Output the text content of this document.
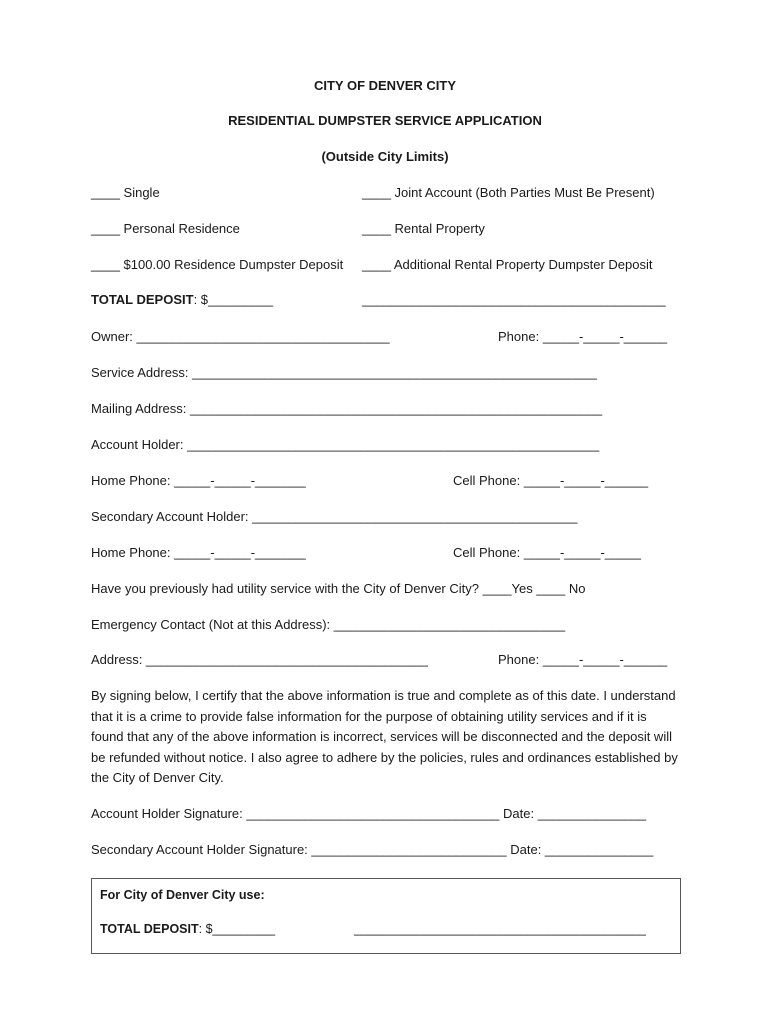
CITY OF DENVER CITY
RESIDENTIAL DUMPSTER SERVICE APPLICATION
(Outside City Limits)
____ Single	____ Joint Account (Both Parties Must Be Present)
____ Personal Residence	____ Rental Property
____ $100.00 Residence Dumpster Deposit ____ Additional Rental Property Dumpster Deposit
TOTAL DEPOSIT: $_________	__________________________________________
Owner: ___________________________________	Phone: _____-_____-______
Service Address: ________________________________________________________
Mailing Address: _________________________________________________________
Account Holder: _________________________________________________________
Home Phone: _____-_____-_______	Cell Phone: _____-_____-______
Secondary Account Holder: _____________________________________________
Home Phone: _____-_____-_______	Cell Phone: _____-_____-_____
Have you previously had utility service with the City of Denver City? ____Yes ____ No
Emergency Contact (Not at this Address): ________________________________
Address: _______________________________________	Phone: _____-_____-______
By signing below, I certify that the above information is true and complete as of this date. I understand that it is a crime to provide false information for the purpose of obtaining utility services and if it is found that any of the above information is incorrect, services will be disconnected and the deposit will be refunded without notice. I also agree to adhere by the policies, rules and ordinances established by the City of Denver City.
Account Holder Signature: ___________________________________ Date: _______________
Secondary Account Holder Signature: ___________________________ Date: _______________
For City of Denver City use:
TOTAL DEPOSIT: $_________	__________________________________________
